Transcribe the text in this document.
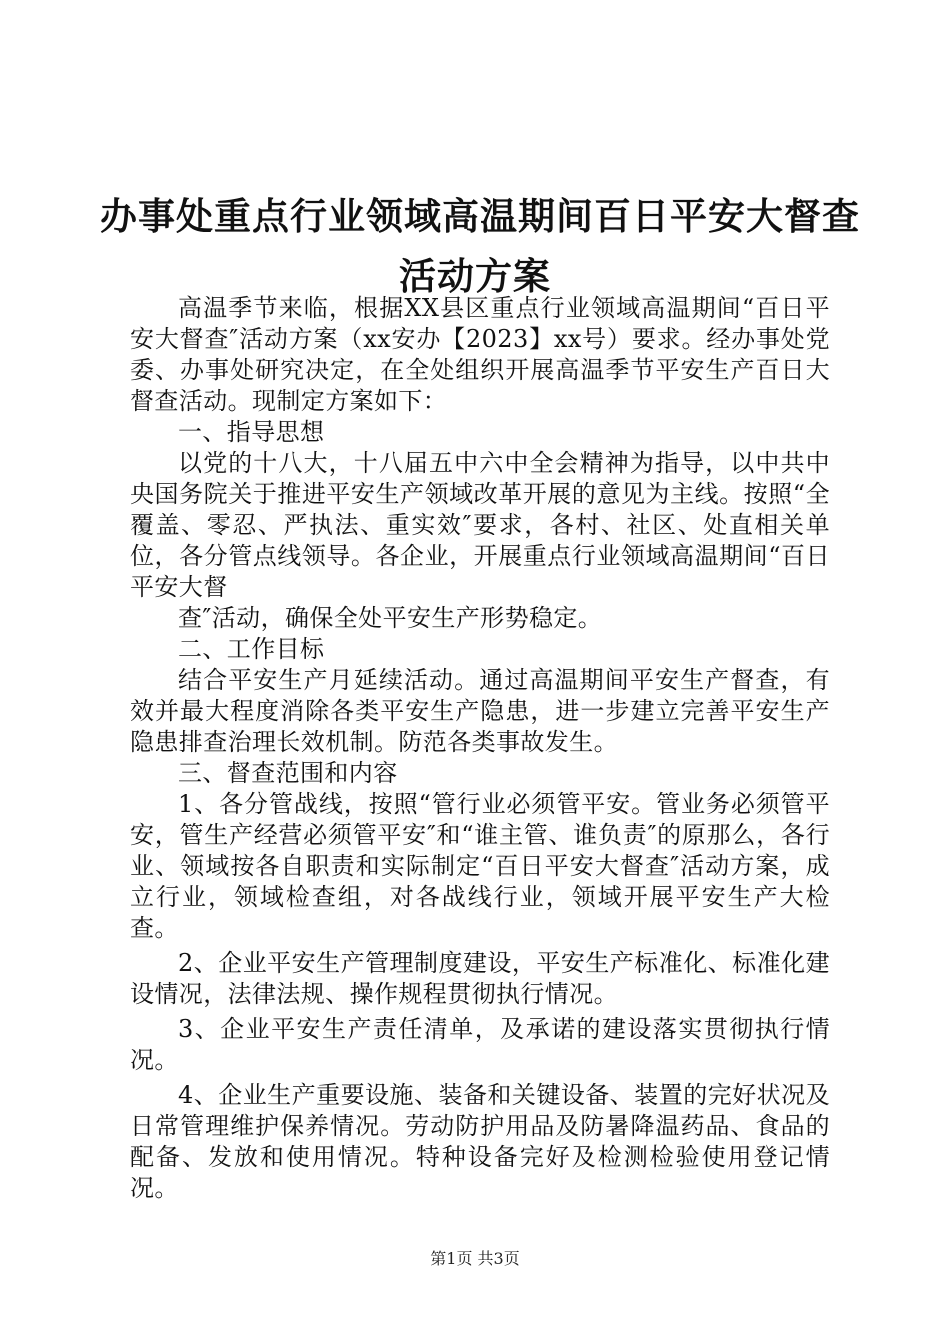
办事处重点行业领域高温期间百日平安大督查
活动方案

高温季节来临，根据XX县区重点行业领域高温期间“百日平安大督查″活动方案（xx安办【2023】xx号）要求。经办事处党委、办事处研究决定，在全处组织开展高温季节平安生产百日大督查活动。现制定方案如下：

一、指导思想

以党的十八大，十八届五中六中全会精神为指导，以中共中央国务院关于推进平安生产领域改革开展的意见为主线。按照“全覆盖、零忍、严执法、重实效″要求，各村、社区、处直相关单位，各分管点线领导。各企业，开展重点行业领域高温期间“百日平安大督

查″活动，确保全处平安生产形势稳定。

二、工作目标

结合平安生产月延续活动。通过高温期间平安生产督查，有效并最大程度消除各类平安生产隐患，进一步建立完善平安生产隐患排查治理长效机制。防范各类事故发生。

三、督查范围和内容

1、各分管战线，按照“管行业必须管平安。管业务必须管平安，管生产经营必须管平安″和“谁主管、谁负责″的原那么，各行业、领域按各自职责和实际制定“百日平安大督查″活动方案，成立行业，领域检查组，对各战线行业，领域开展平安生产大检查。

2、企业平安生产管理制度建设，平安生产标准化、标准化建设情况，法律法规、操作规程贯彻执行情况。

3、企业平安生产责任清单，及承诺的建设落实贯彻执行情况。

4、企业生产重要设施、装备和关键设备、装置的完好状况及日常管理维护保养情况。劳动防护用品及防暑降温药品、食品的配备、发放和使用情况。特种设备完好及检测检验使用登记情况。

第1页 共3页
